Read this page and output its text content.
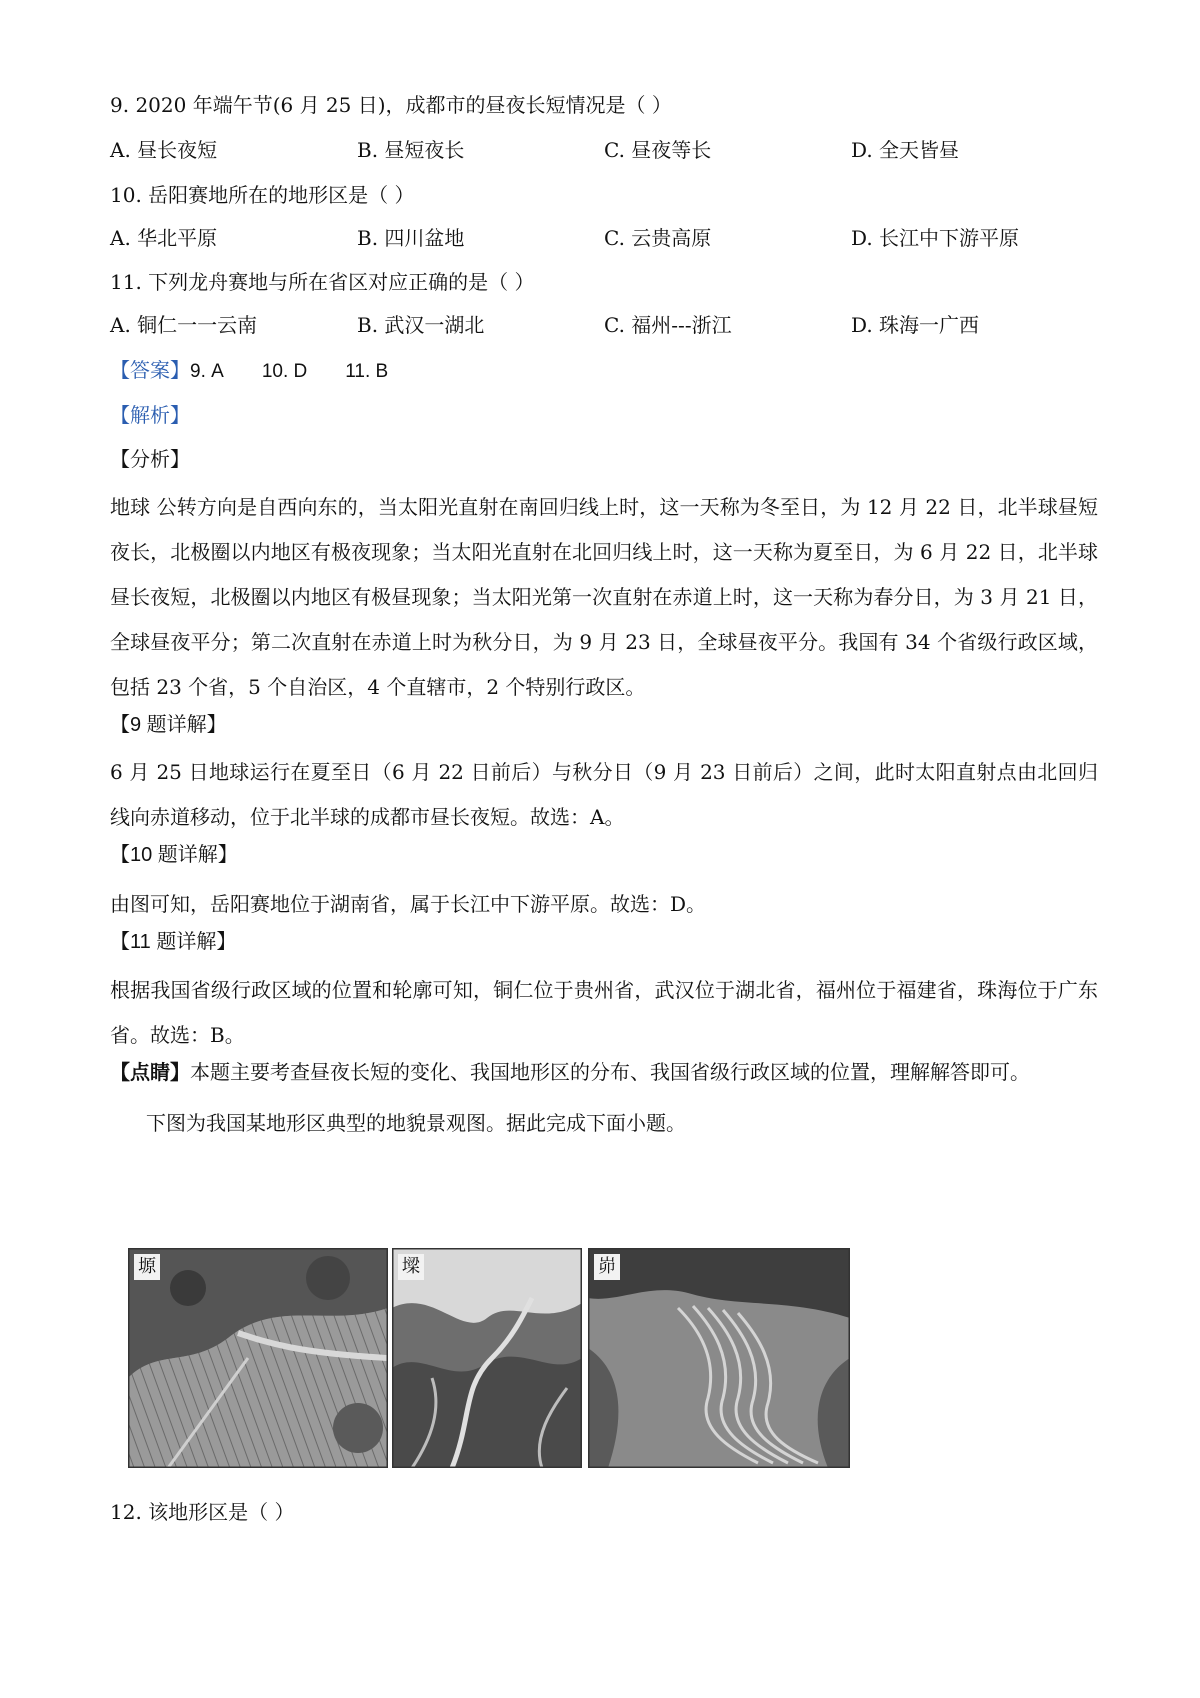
9. 2020 年端午节(6 月 25 日)，成都市的昼夜长短情况是（ ）
A. 昼长夜短	B. 昼短夜长	C. 昼夜等长	D. 全天皆昼
10. 岳阳赛地所在的地形区是（ ）
A. 华北平原	B. 四川盆地	C. 云贵高原	D. 长江中下游平原
11. 下列龙舟赛地与所在省区对应正确的是（ ）
A. 铜仁一一云南	B. 武汉一湖北	C. 福州---浙江	D. 珠海一广西
【答案】9. A 10. D 11. B
【解析】
【分析】
地球 公转方向是自西向东的，当太阳光直射在南回归线上时，这一天称为冬至日，为 12 月 22 日，北半球昼短夜长，北极圈以内地区有极夜现象；当太阳光直射在北回归线上时，这一天称为夏至日，为 6 月 22 日，北半球昼长夜短，北极圈以内地区有极昼现象；当太阳光第一次直射在赤道上时，这一天称为春分日，为 3 月 21 日，全球昼夜平分；第二次直射在赤道上时为秋分日，为 9 月 23 日，全球昼夜平分。我国有 34 个省级行政区域，包括 23 个省，5 个自治区，4 个直辖市，2 个特别行政区。
【9 题详解】
6 月 25 日地球运行在夏至日（6 月 22 日前后）与秋分日（9 月 23 日前后）之间，此时太阳直射点由北回归线向赤道移动，位于北半球的成都市昼长夜短。故选：A。
【10 题详解】
由图可知，岳阳赛地位于湖南省，属于长江中下游平原。故选：D。
【11 题详解】
根据我国省级行政区域的位置和轮廓可知，铜仁位于贵州省，武汉位于湖北省，福州位于福建省，珠海位于广东省。故选：B。
【点睛】本题主要考查昼夜长短的变化、我国地形区的分布、我国省级行政区域的位置，理解解答即可。
下图为我国某地形区典型的地貌景观图。据此完成下面小题。
塬	墚	峁
12. 该地形区是（ ）
